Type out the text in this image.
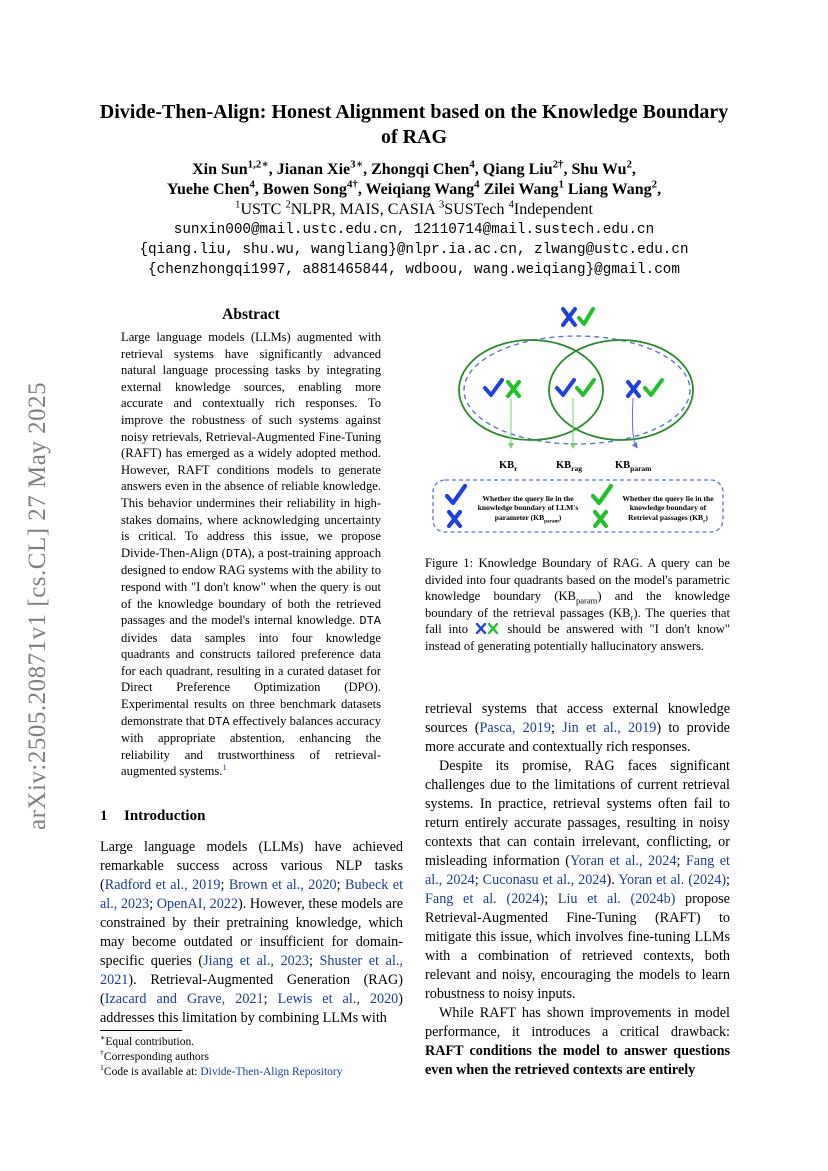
arXiv:2505.20871v1 [cs.CL] 27 May 2025
Divide-Then-Align: Honest Alignment based on the Knowledge Boundary of RAG
Xin Sun$^{1,2∗}$, Jianan Xie$^{3∗}$, Zhongqi Chen$^4$, Qiang Liu$^{2\dagger}$, Shu Wu$^2$,
Yuehe Chen$^4$, Bowen Song$^{4\dagger}$, Weiqiang Wang$^4$ Zilei Wang$^1$ Liang Wang$^2$,
$^1$USTC $^2$NLPR, MAIS, CASIA $^3$SUSTech $^4$Independent
sunxin000@mail.ustc.edu.cn, 12110714@mail.sustech.edu.cn
{qiang.liu, shu.wu, wangliang}@nlpr.ia.ac.cn, zlwang@ustc.edu.cn
{chenzhongqi1997, a881465844, wdboou, wang.weiqiang}@gmail.com
Abstract
Large language models (LLMs) augmented with retrieval systems have significantly advanced natural language processing tasks by integrating external knowledge sources, enabling more accurate and contextually rich responses. To improve the robustness of such systems against noisy retrievals, Retrieval-Augmented Fine-Tuning (RAFT) has emerged as a widely adopted method. However, RAFT conditions models to generate answers even in the absence of reliable knowledge. This behavior undermines their reliability in high-stakes domains, where acknowledging uncertainty is critical. To address this issue, we propose Divide-Then-Align (DTA), a post-training approach designed to endow RAG systems with the ability to respond with "I don't know" when the query is out of the knowledge boundary of both the retrieved passages and the model's internal knowledge. DTA divides data samples into four knowledge quadrants and constructs tailored preference data for each quadrant, resulting in a curated dataset for Direct Preference Optimization (DPO). Experimental results on three benchmark datasets demonstrate that DTA effectively balances accuracy with appropriate abstention, enhancing the reliability and trustworthiness of retrieval-augmented systems.$^1$
1 Introduction
Large language models (LLMs) have achieved remarkable success across various NLP tasks (Radford et al., 2019; Brown et al., 2020; Bubeck et al., 2023; OpenAI, 2022). However, these models are constrained by their pretraining knowledge, which may become outdated or insufficient for domain-specific queries (Jiang et al., 2023; Shuster et al., 2021). Retrieval-Augmented Generation (RAG) (Izacard and Grave, 2021; Lewis et al., 2020) addresses this limitation by combining LLMs with
∗Equal contribution.
†Corresponding authors
$^1$Code is available at: Divide-Then-Align Repository
$KB_r$	$KB_{rag}$	$KB_{param}$
Whether the query lie in the knowledge boundary of LLM's parameter $(KB_{param})$
Whether the query lie in the knowledge boundary of Retrieval passages $(KB_r)$
Figure 1: Knowledge Boundary of RAG. A query can be divided into four quadrants based on the model's parametric knowledge boundary $(KB_{param})$ and the knowledge boundary of the retrieval passages $(KB_r)$. The queries that fall into  should be answered with "I don't know" instead of generating potentially hallucinatory answers.

retrieval systems that access external knowledge sources (Pasca, 2019; Jin et al., 2019) to provide more accurate and contextually rich responses.

Despite its promise, RAG faces significant challenges due to the limitations of current retrieval systems. In practice, retrieval systems often fail to return entirely accurate passages, resulting in noisy contexts that can contain irrelevant, conflicting, or misleading information (Yoran et al., 2024; Fang et al., 2024; Cuconasu et al., 2024). Yoran et al. (2024); Fang et al. (2024); Liu et al. (2024b) propose Retrieval-Augmented Fine-Tuning (RAFT) to mitigate this issue, which involves fine-tuning LLMs with a combination of retrieved contexts, both relevant and noisy, encouraging the models to learn robustness to noisy inputs.

While RAFT has shown improvements in model performance, it introduces a critical drawback: RAFT conditions the model to answer questions even when the retrieved contexts are entirely
